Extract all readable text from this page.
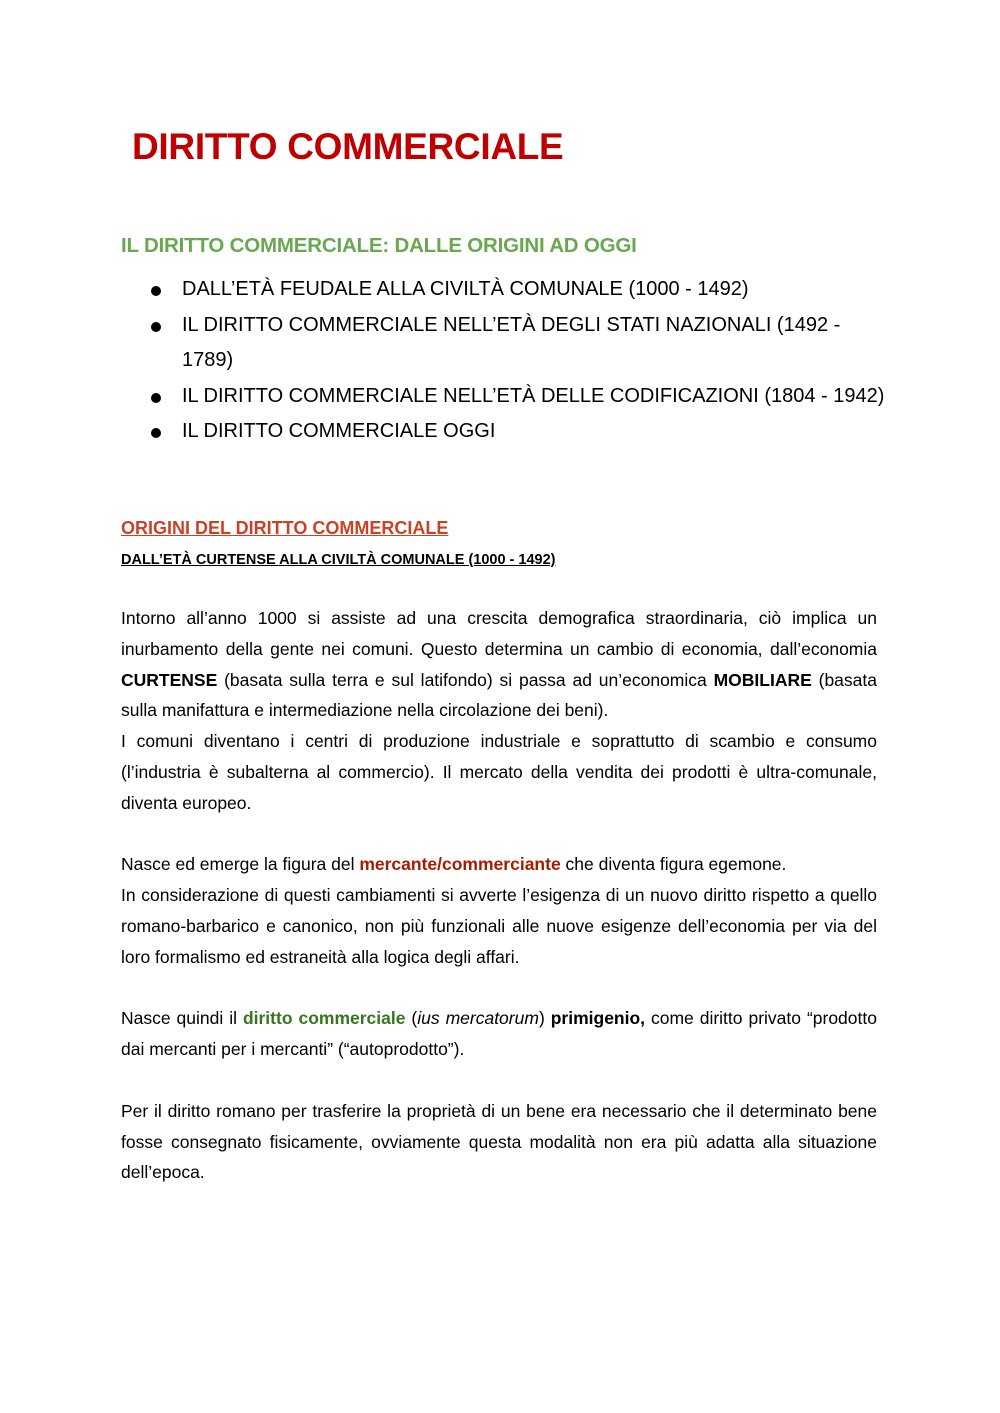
DIRITTO COMMERCIALE
IL DIRITTO COMMERCIALE: DALLE ORIGINI AD OGGI
DALL’ETÀ FEUDALE ALLA CIVILTÀ COMUNALE (1000 - 1492)
IL DIRITTO COMMERCIALE NELL’ETÀ DEGLI STATI NAZIONALI (1492 - 1789)
IL DIRITTO COMMERCIALE NELL’ETÀ DELLE CODIFICAZIONI (1804 - 1942)
IL DIRITTO COMMERCIALE OGGI
ORIGINI DEL DIRITTO COMMERCIALE
DALL’ETÀ CURTENSE ALLA CIVILTÀ COMUNALE (1000 - 1492)

Intorno all’anno 1000 si assiste ad una crescita demografica straordinaria, ciò implica un inurbamento della gente nei comuni. Questo determina un cambio di economia, dall’economia CURTENSE (basata sulla terra e sul latifondo) si passa ad un’economica MOBILIARE (basata sulla manifattura e intermediazione nella circolazione dei beni).
I comuni diventano i centri di produzione industriale e soprattutto di scambio e consumo (l’industria è subalterna al commercio). Il mercato della vendita dei prodotti è ultra-comunale, diventa europeo.

Nasce ed emerge la figura del mercante/commerciante che diventa figura egemone.
In considerazione di questi cambiamenti si avverte l’esigenza di un nuovo diritto rispetto a quello romano-barbarico e canonico, non più funzionali alle nuove esigenze dell’economia per via del loro formalismo ed estraneità alla logica degli affari.

Nasce quindi il diritto commerciale (ius mercatorum) primigenio, come diritto privato “prodotto dai mercanti per i mercanti” (“autoprodotto”).

Per il diritto romano per trasferire la proprietà di un bene era necessario che il determinato bene fosse consegnato fisicamente, ovviamente questa modalità non era più adatta alla situazione dell’epoca.
